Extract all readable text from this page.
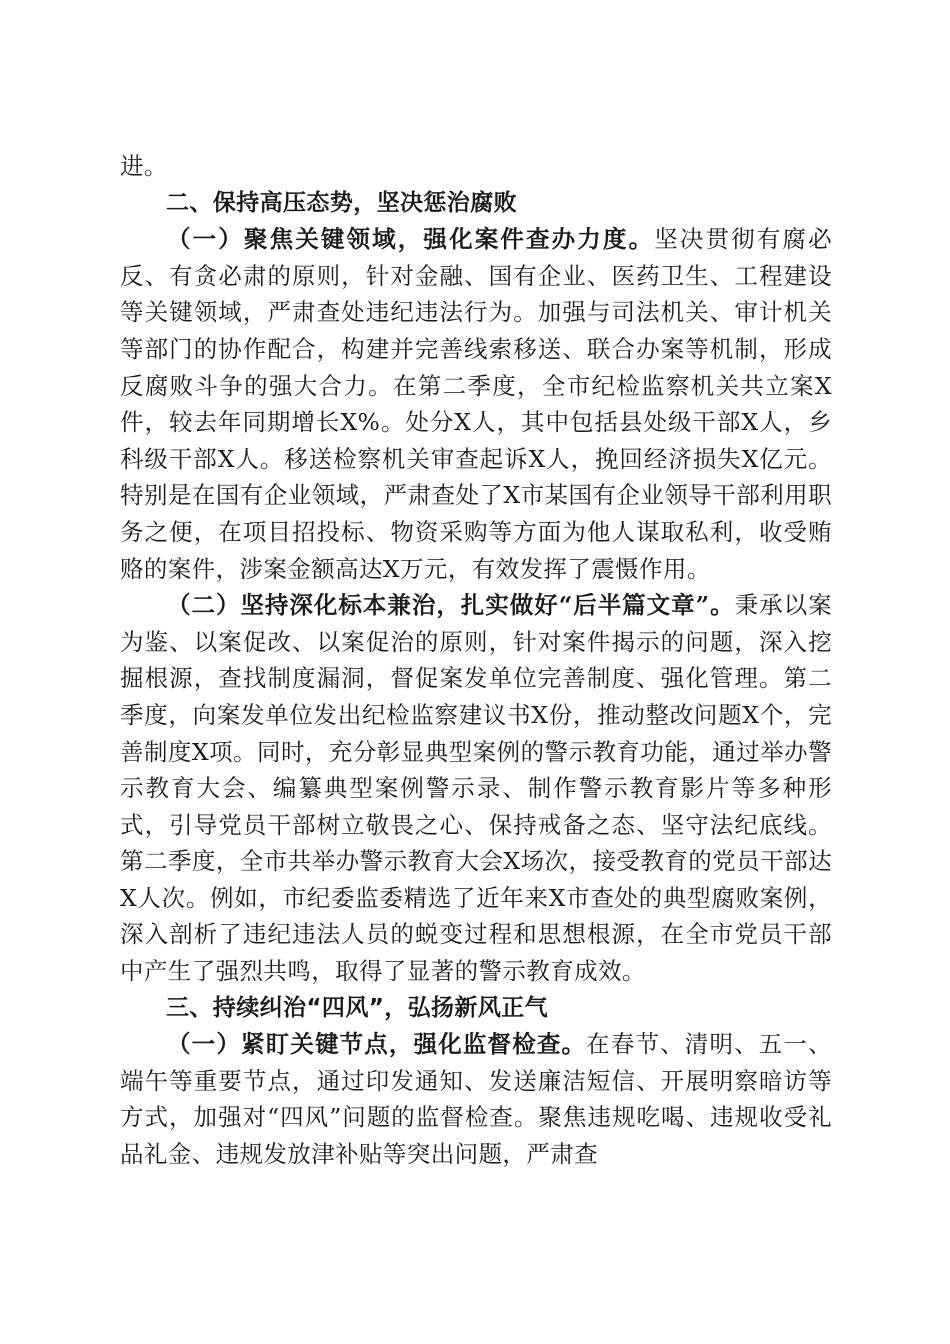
进。

二、保持高压态势，坚决惩治腐败

（一）聚焦关键领域，强化案件查办力度。坚决贯彻有腐必反、有贪必肃的原则，针对金融、国有企业、医药卫生、工程建设等关键领域，严肃查处违纪违法行为。加强与司法机关、审计机关等部门的协作配合，构建并完善线索移送、联合办案等机制，形成反腐败斗争的强大合力。在第二季度，全市纪检监察机关共立案X件，较去年同期增长X%。处分X人，其中包括县处级干部X人，乡科级干部X人。移送检察机关审查起诉X人，挽回经济损失X亿元。特别是在国有企业领域，严肃查处了X市某国有企业领导干部利用职务之便，在项目招投标、物资采购等方面为他人谋取私利，收受贿赂的案件，涉案金额高达X万元，有效发挥了震慑作用。

（二）坚持深化标本兼治，扎实做好“后半篇文章”。秉承以案为鉴、以案促改、以案促治的原则，针对案件揭示的问题，深入挖掘根源，查找制度漏洞，督促案发单位完善制度、强化管理。第二季度，向案发单位发出纪检监察建议书X份，推动整改问题X个，完善制度X项。同时，充分彰显典型案例的警示教育功能，通过举办警示教育大会、编纂典型案例警示录、制作警示教育影片等多种形式，引导党员干部树立敬畏之心、保持戒备之态、坚守法纪底线。第二季度，全市共举办警示教育大会X场次，接受教育的党员干部达X人次。例如，市纪委监委精选了近年来X市查处的典型腐败案例，深入剖析了违纪违法人员的蜕变过程和思想根源，在全市党员干部中产生了强烈共鸣，取得了显著的警示教育成效。

三、持续纠治“四风”，弘扬新风正气

（一）紧盯关键节点，强化监督检查。在春节、清明、五一、端午等重要节点，通过印发通知、发送廉洁短信、开展明察暗访等方式，加强对“四风”问题的监督检查。聚焦违规吃喝、违规收受礼品礼金、违规发放津补贴等突出问题，严肃查
